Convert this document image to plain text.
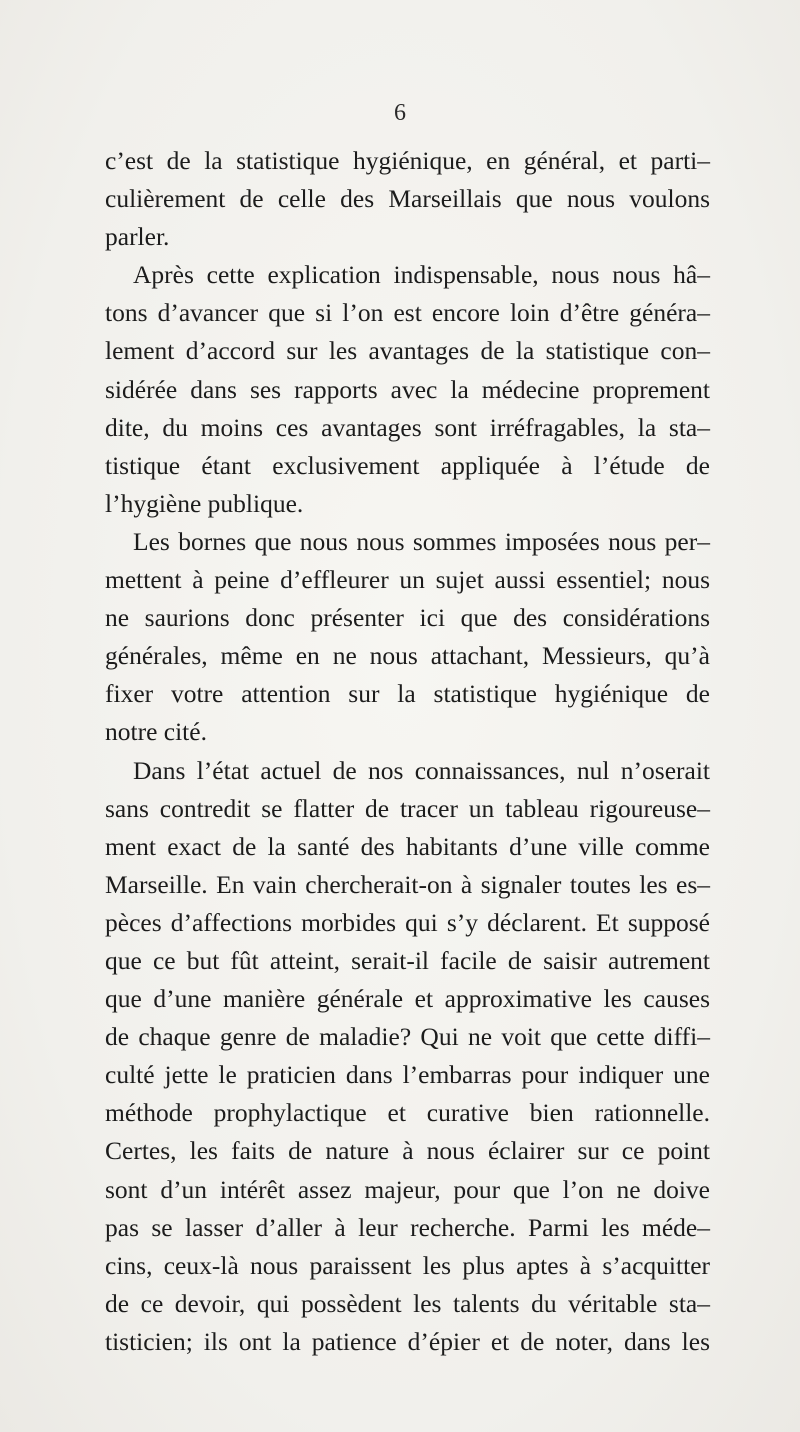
6
c’est de la statistique hygiénique, en général, et parti–
culièrement de celle des Marseillais que nous voulons
parler.
Après cette explication indispensable, nous nous hâ–
tons d’avancer que si l’on est encore loin d’être généra–
lement d’accord sur les avantages de la statistique con–
sidérée dans ses rapports avec la médecine proprement
dite, du moins ces avantages sont irréfragables, la sta–
tistique étant exclusivement appliquée à l’étude de
l’hygiène publique.
Les bornes que nous nous sommes imposées nous per–
mettent à peine d’effleurer un sujet aussi essentiel; nous
ne saurions donc présenter ici que des considérations
générales, même en ne nous attachant, Messieurs, qu’à
fixer votre attention sur la statistique hygiénique de
notre cité.
Dans l’état actuel de nos connaissances, nul n’oserait
sans contredit se flatter de tracer un tableau rigoureuse–
ment exact de la santé des habitants d’une ville comme
Marseille. En vain chercherait-on à signaler toutes les es–
pèces d’affections morbides qui s’y déclarent. Et supposé
que ce but fût atteint, serait-il facile de saisir autrement
que d’une manière générale et approximative les causes
de chaque genre de maladie? Qui ne voit que cette diffi–
culté jette le praticien dans l’embarras pour indiquer une
méthode prophylactique et curative bien rationnelle.
Certes, les faits de nature à nous éclairer sur ce point
sont d’un intérêt assez majeur, pour que l’on ne doive
pas se lasser d’aller à leur recherche. Parmi les méde–
cins, ceux-là nous paraissent les plus aptes à s’acquitter
de ce devoir, qui possèdent les talents du véritable sta–
tisticien; ils ont la patience d’épier et de noter, dans les
